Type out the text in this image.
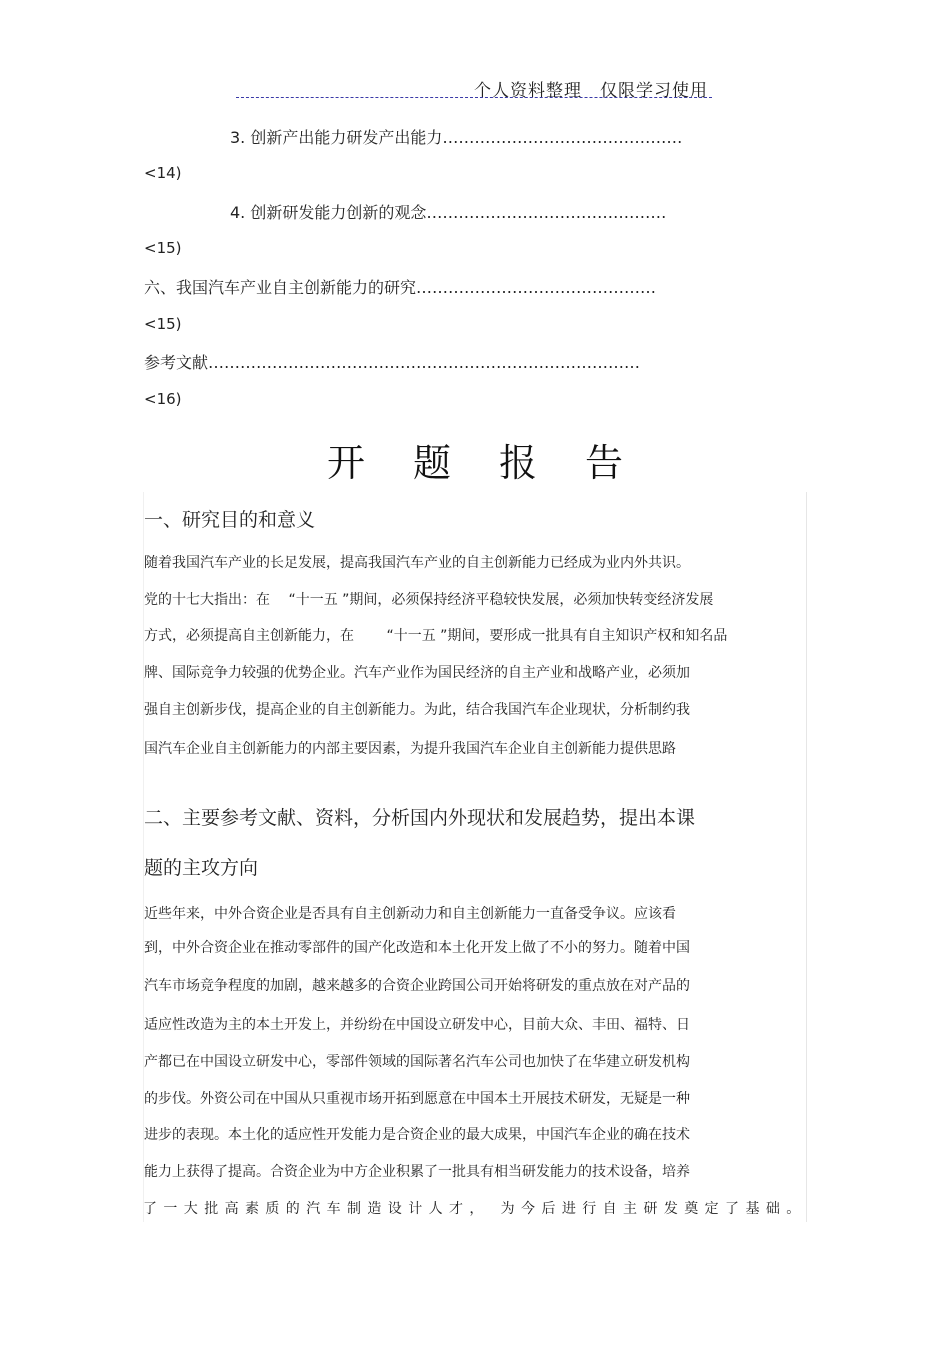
个人资料整理　仅限学习使用
3. 创新产出能力研发产出能力………………………………………
<14)
4. 创新研发能力创新的观念………………………………………
<15)
六、我国汽车产业自主创新能力的研究………………………………………
<15)
参考文献………………………………………………………………………
<16)
开题报告
一、研究目的和意义
随着我国汽车产业的长足发展，提高我国汽车产业的自主创新能力已经成为业内外共识。
党的十七大指出：在　 “十一五 ”期间，必须保持经济平稳较快发展，必须加快转变经济发展
方式，必须提高自主创新能力，在　　 “十一五 ”期间，要形成一批具有自主知识产权和知名品
牌、国际竞争力较强的优势企业。汽车产业作为国民经济的自主产业和战略产业，必须加
强自主创新步伐，提高企业的自主创新能力。为此，结合我国汽车企业现状，分析制约我
国汽车企业自主创新能力的内部主要因素，为提升我国汽车企业自主创新能力提供思路
二、主要参考文献、资料，分析国内外现状和发展趋势，提出本课
题的主攻方向
近些年来，中外合资企业是否具有自主创新动力和自主创新能力一直备受争议。应该看
到，中外合资企业在推动零部件的国产化改造和本土化开发上做了不小的努力。随着中国
汽车市场竞争程度的加剧，越来越多的合资企业跨国公司开始将研发的重点放在对产品的
适应性改造为主的本土开发上，并纷纷在中国设立研发中心，目前大众、丰田、福特、日
产都已在中国设立研发中心，零部件领域的国际著名汽车公司也加快了在华建立研发机构
的步伐。外资公司在中国从只重视市场开拓到愿意在中国本土开展技术研发，无疑是一种
进步的表现。本土化的适应性开发能力是合资企业的最大成果，中国汽车企业的确在技术
能力上获得了提高。合资企业为中方企业积累了一批具有相当研发能力的技术设备，培养
了一大批高素质的汽车制造设计人才， 为今后进行自主研发奠定了基础。
